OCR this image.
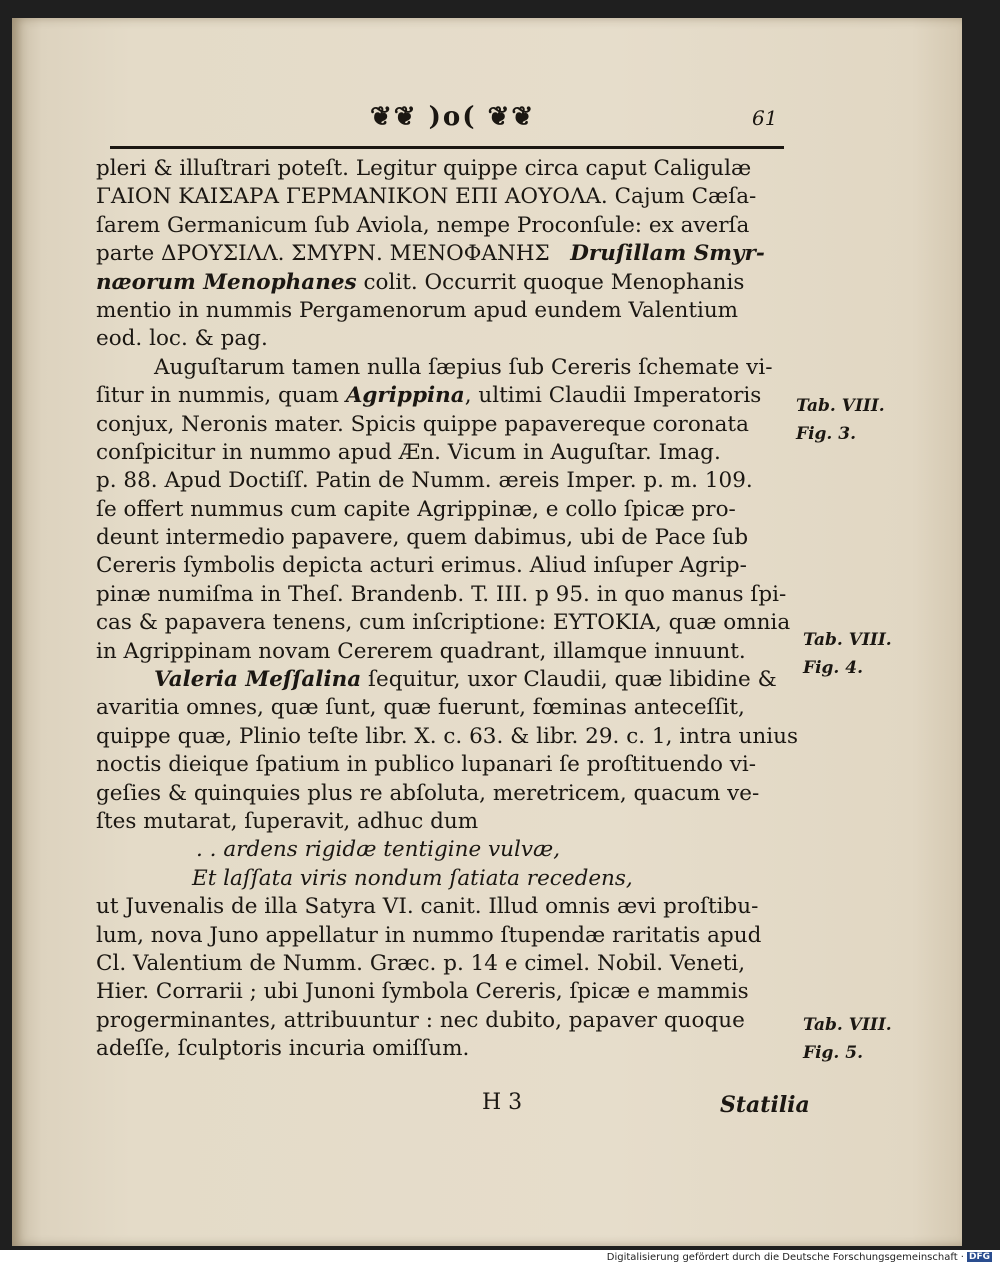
❦❦ )o( ❦❦	61
pleri & illuſtrari poteſt. Legitur quippe circa caput Caligulæ
ΓΑΙΟΝ ΚΑΙΣΑΡΑ ΓΕΡΜΑΝΙΚΟΝ ΕΠΙ ΑΟΥΟΛΑ. Cajum Cæſa-
ſarem Germanicum ſub Aviola, nempe Proconſule: ex averſa
parte ΔΡΟΥΣΙΛΛ. ΣΜΥΡΝ. ΜΕΝΟΦΑΝΗΣ Druſillam Smyr-
næorum Menophanes colit. Occurrit quoque Menophanis
mentio in nummis Pergamenorum apud eundem Valentium
eod. loc. & pag.
Auguſtarum tamen nulla ſæpius ſub Cereris ſchemate vi-
ſitur in nummis, quam Agrippina, ultimi Claudii Imperatoris
conjux, Neronis mater. Spicis quippe papavereque coronata
conſpicitur in nummo apud Æn. Vicum in Auguſtar. Imag.
p. 88. Apud Doctiſſ. Patin de Numm. æreis Imper. p. m. 109.
ſe offert nummus cum capite Agrippinæ, e collo ſpicæ pro-
deunt intermedio papavere, quem dabimus, ubi de Pace ſub
Cereris ſymbolis depicta acturi erimus. Aliud inſuper Agrip-
pinæ numiſma in Theſ. Brandenb. T. III. p 95. in quo manus ſpi-
cas & papavera tenens, cum inſcriptione: ΕΥΤΟΚΙΑ, quæ omnia
in Agrippinam novam Cererem quadrant, illamque innuunt.
Valeria Meſſalina ſequitur, uxor Claudii, quæ libidine &
avaritia omnes, quæ ſunt, quæ fuerunt, fœminas anteceſſit,
quippe quæ, Plinio teſte libr. X. c. 63. & libr. 29. c. 1, intra unius
noctis dieique ſpatium in publico lupanari ſe proſtituendo vi-
geſies & quinquies plus re abſoluta, meretricem, quacum ve-
ſtes mutarat, ſuperavit, adhuc dum
. . ardens rigidæ tentigine vulvæ,
Et laſſata viris nondum ſatiata recedens,
ut Juvenalis de illa Satyra VI. canit. Illud omnis ævi proſtibu-
lum, nova Juno appellatur in nummo ſtupendæ raritatis apud
Cl. Valentium de Numm. Græc. p. 14 e cimel. Nobil. Veneti,
Hier. Corrarii ; ubi Junoni ſymbola Cereris, ſpicæ e mammis
progerminantes, attribuuntur : nec dubito, papaver quoque
adeſſe, ſculptoris incuria omiſſum.
Tab. VIII.
Fig. 3.
Tab. VIII.
Fig. 4.
Tab. VIII.
Fig. 5.
H 3	Statilia
Digitalisierung gefördert durch die Deutsche Forschungsgemeinschaft · DFG
